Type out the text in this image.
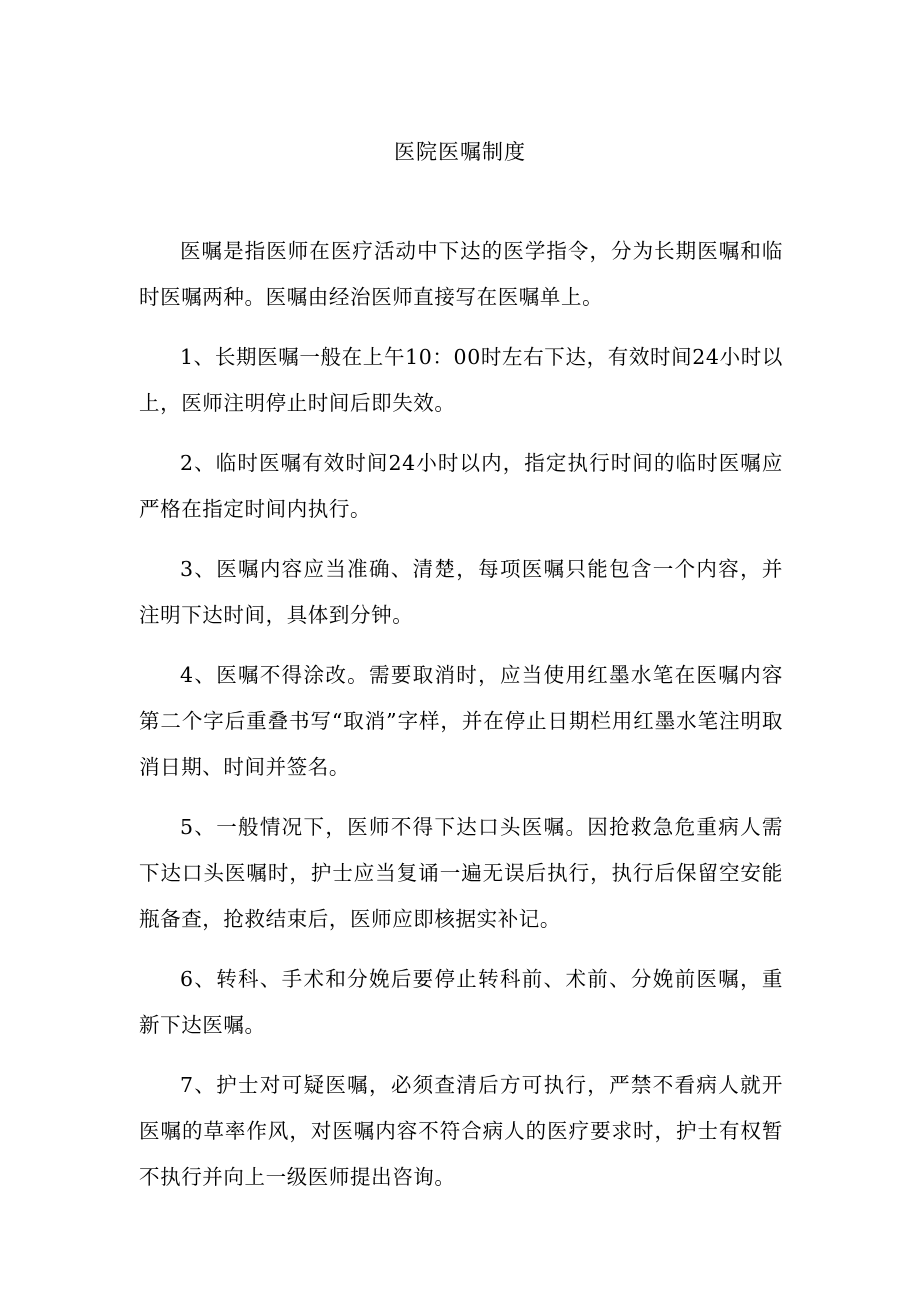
医院医嘱制度

医嘱是指医师在医疗活动中下达的医学指令，分为长期医嘱和临时医嘱两种。医嘱由经治医师直接写在医嘱单上。

1、长期医嘱一般在上午10：00时左右下达，有效时间24小时以上，医师注明停止时间后即失效。

2、临时医嘱有效时间24小时以内，指定执行时间的临时医嘱应严格在指定时间内执行。

3、医嘱内容应当准确、清楚，每项医嘱只能包含一个内容，并注明下达时间，具体到分钟。

4、医嘱不得涂改。需要取消时，应当使用红墨水笔在医嘱内容第二个字后重叠书写“取消”字样，并在停止日期栏用红墨水笔注明取消日期、时间并签名。

5、一般情况下，医师不得下达口头医嘱。因抢救急危重病人需下达口头医嘱时，护士应当复诵一遍无误后执行，执行后保留空安能瓶备查，抢救结束后，医师应即核据实补记。

6、转科、手术和分娩后要停止转科前、术前、分娩前医嘱，重新下达医嘱。

7、护士对可疑医嘱，必须查清后方可执行，严禁不看病人就开医嘱的草率作风，对医嘱内容不符合病人的医疗要求时，护士有权暂不执行并向上一级医师提出咨询。
